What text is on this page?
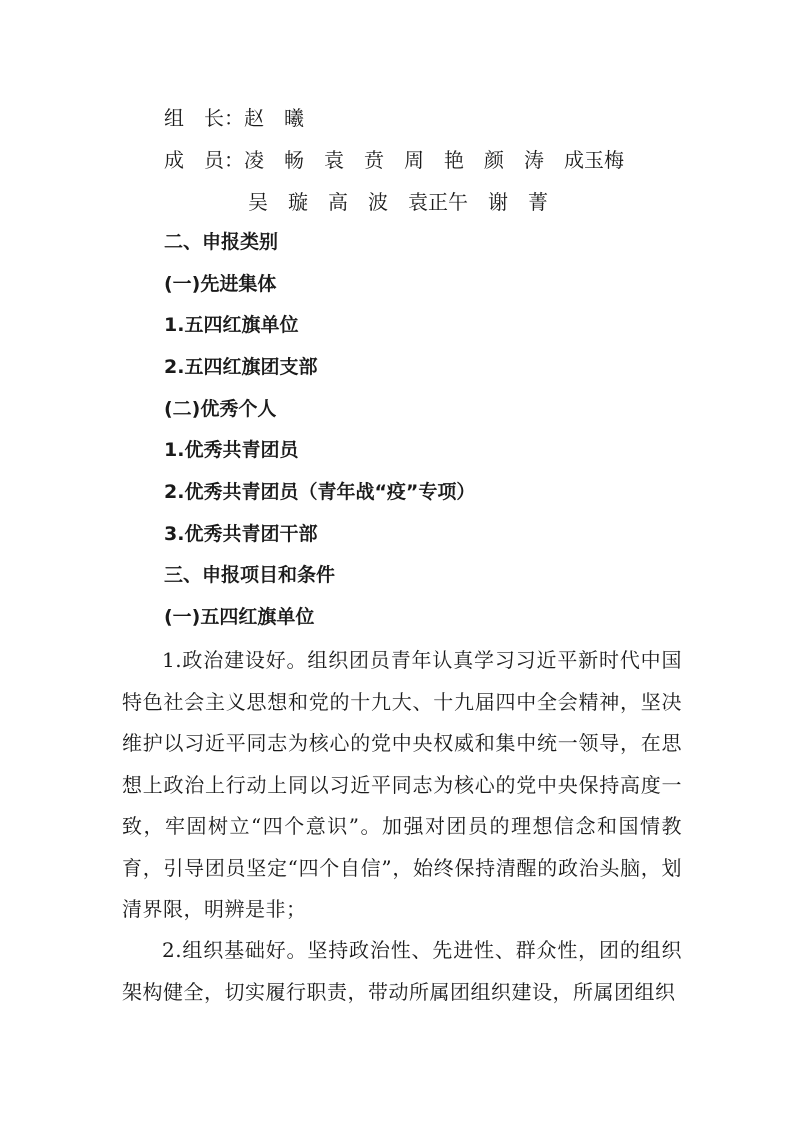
组　长：赵　曦
成　员：凌　畅　袁　贲　周　艳　颜　涛　成玉梅
吴　璇　高　波　袁正午　谢　菁
二、申报类别
(一)先进集体
1.五四红旗单位
2.五四红旗团支部
(二)优秀个人
1.优秀共青团员
2.优秀共青团员（青年战“疫”专项）
3.优秀共青团干部
三、申报项目和条件
(一)五四红旗单位
1.政治建设好。组织团员青年认真学习习近平新时代中国特色社会主义思想和党的十九大、十九届四中全会精神，坚决维护以习近平同志为核心的党中央权威和集中统一领导，在思想上政治上行动上同以习近平同志为核心的党中央保持高度一致，牢固树立“四个意识”。加强对团员的理想信念和国情教育，引导团员坚定“四个自信”，始终保持清醒的政治头脑，划清界限，明辨是非；
2.组织基础好。坚持政治性、先进性、群众性，团的组织架构健全，切实履行职责，带动所属团组织建设，所属团组织
